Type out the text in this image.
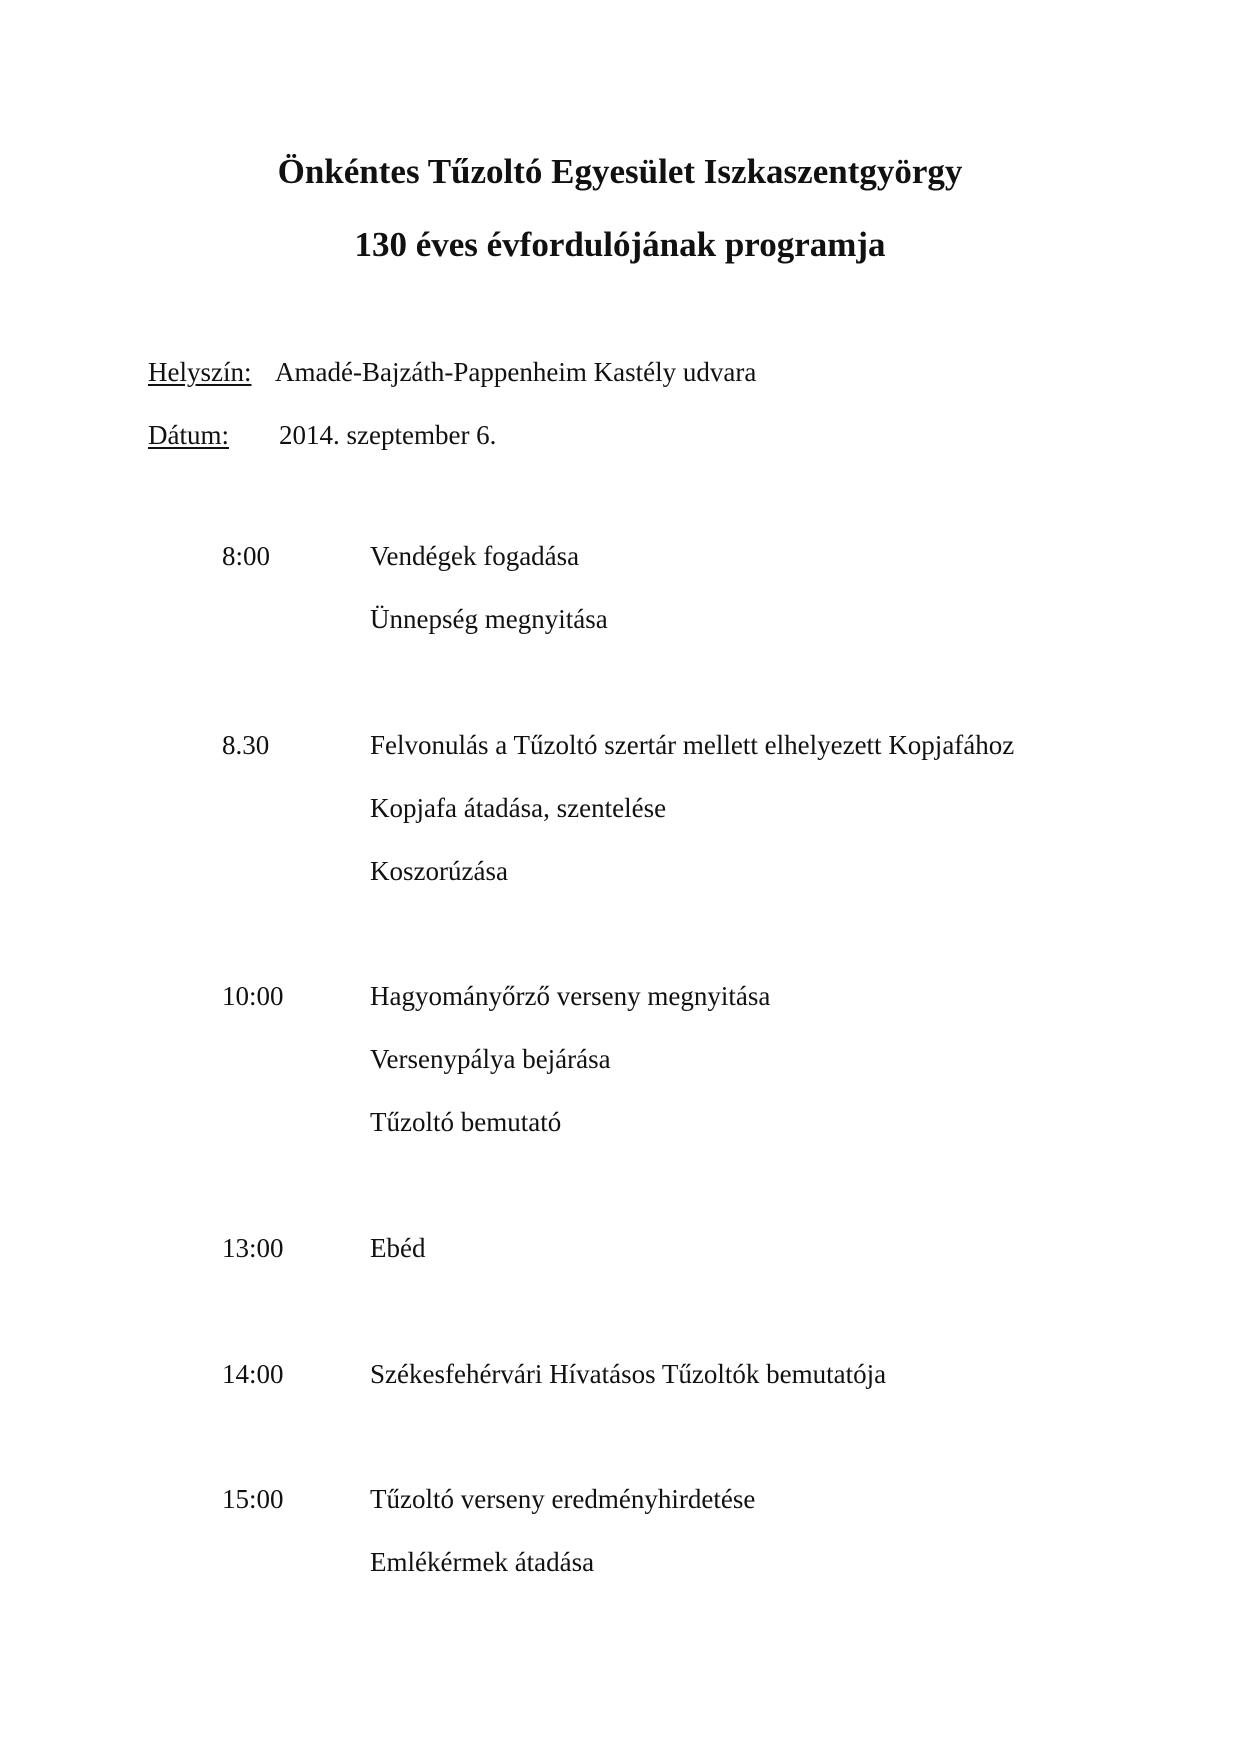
Önkéntes Tűzoltó Egyesület Iszkaszentgyörgy
130 éves évfordulójának programja
Helyszín: Amadé-Bajzáth-Pappenheim Kastély udvara
Dátum: 2014. szeptember 6.
8:00	Vendégek fogadása
Ünnepség megnyitása
8.30	Felvonulás a Tűzoltó szertár mellett elhelyezett Kopjafához
Kopjafa átadása, szentelése
Koszorúzása
10:00	Hagyományőrző verseny megnyitása
Versenypálya bejárása
Tűzoltó bemutató
13:00	Ebéd
14:00	Székesfehérvári Hívatásos Tűzoltók bemutatója
15:00	Tűzoltó verseny eredményhirdetése
Emlékérmek átadása
